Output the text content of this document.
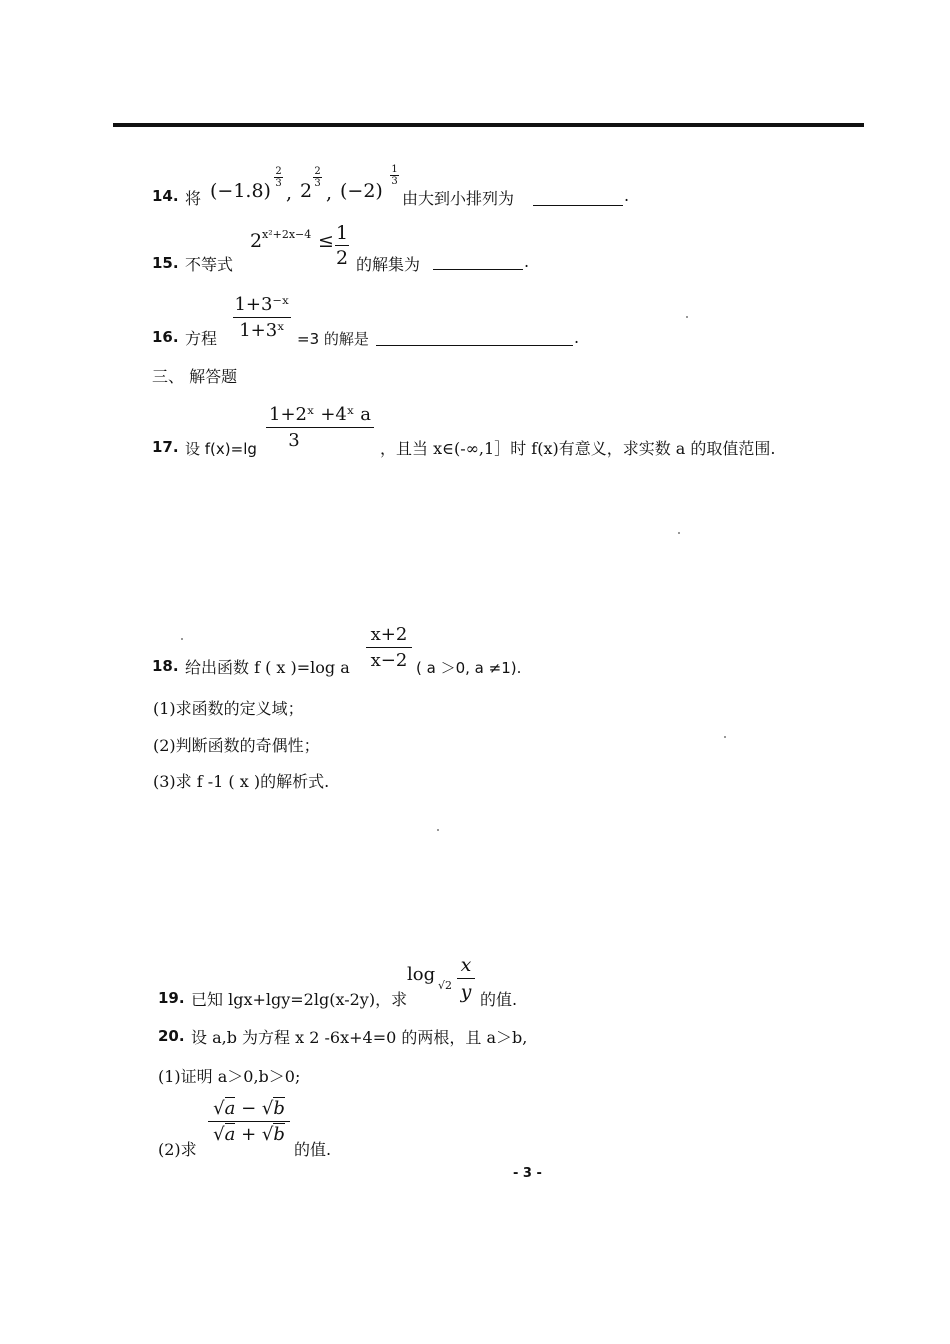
14. 将 (−1.8)
2
3 , 2
2
3 , (−2)
1
3
由大到小排列为	.
15. 不等式
2 x²+2x−4 ≤ 1
2 的解集为	.
16. 方程
1+3⁻ˣ
1+3ˣ =3 的解是	.
三、 解答题
17. 设 f(x)=lg
1+2ˣ +4ˣ a
3	，且当 x∈(-∞,1］时 f(x)有意义，求实数 a 的取值范围.
18. 给出函数 f ( x )=log a
x+2
x−2 ( a ＞0, a ≠1).
(1)求函数的定义域；
(2)判断函数的奇偶性；
(3)求 f -1 ( x )的解析式.
19. 已知 lgx+lgy=2lg(x-2y)，求
log
√2
x
y 的值.
20. 设 a,b 为方程 x 2 -6x+4=0 的两根，且 a＞b,
(1)证明 a＞0,b＞0;
(2)求
√a − √b
√a + √b
的值.
- 3 -
